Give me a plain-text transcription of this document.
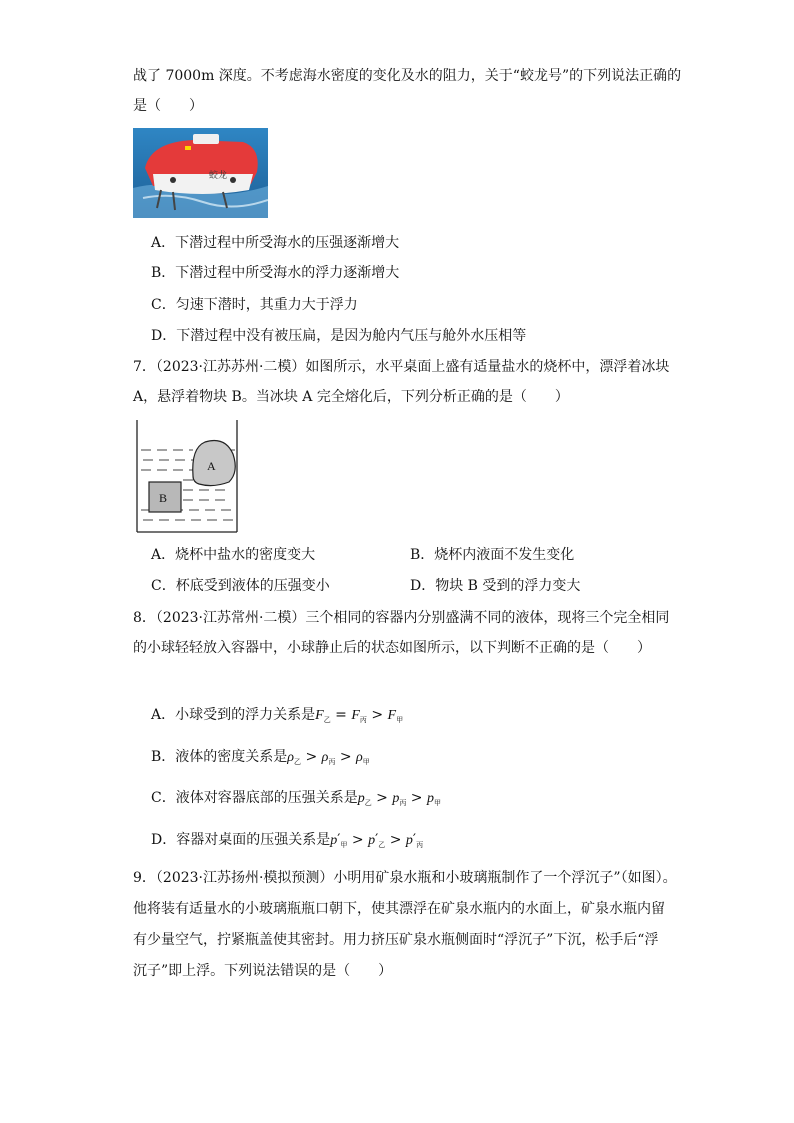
战了 7000m 深度。不考虑海水密度的变化及水的阻力，关于“蛟龙号”的下列说法正确的
是（　　）
蛟龙
A．下潜过程中所受海水的压强逐渐增大
B．下潜过程中所受海水的浮力逐渐增大
C．匀速下潜时，其重力大于浮力
D．下潜过程中没有被压扁，是因为舱内气压与舱外水压相等
7．（2023·江苏苏州·二模）如图所示，水平桌面上盛有适量盐水的烧杯中，漂浮着冰块
A，悬浮着物块 B。当冰块 A 完全熔化后，下列分析正确的是（　　）
A
B
A．烧杯中盐水的密度变大	B．烧杯内液面不发生变化
C．杯底受到液体的压强变小	D．物块 B 受到的浮力变大
8．（2023·江苏常州·二模）三个相同的容器内分别盛满不同的液体，现将三个完全相同
的小球轻轻放入容器中，小球静止后的状态如图所示，以下判断不正确的是（　　）
A．小球受到的浮力关系是$F_乙 = F_丙 > F_甲$
B．液体的密度关系是$\rho_乙 > \rho_丙 > \rho_甲$
C．液体对容器底部的压强关系是$p_乙 > p_丙 > p_甲$
D．容器对桌面的压强关系是$p'_甲 > p'_乙 > p'_丙$
9．（2023·江苏扬州·模拟预测）小明用矿泉水瓶和小玻璃瓶制作了一个浮沉子”（如图）。
他将装有适量水的小玻璃瓶瓶口朝下，使其漂浮在矿泉水瓶内的水面上，矿泉水瓶内留
有少量空气，拧紧瓶盖使其密封。用力挤压矿泉水瓶侧面时“浮沉子”下沉，松手后“浮
沉子”即上浮。下列说法错误的是（　　）
